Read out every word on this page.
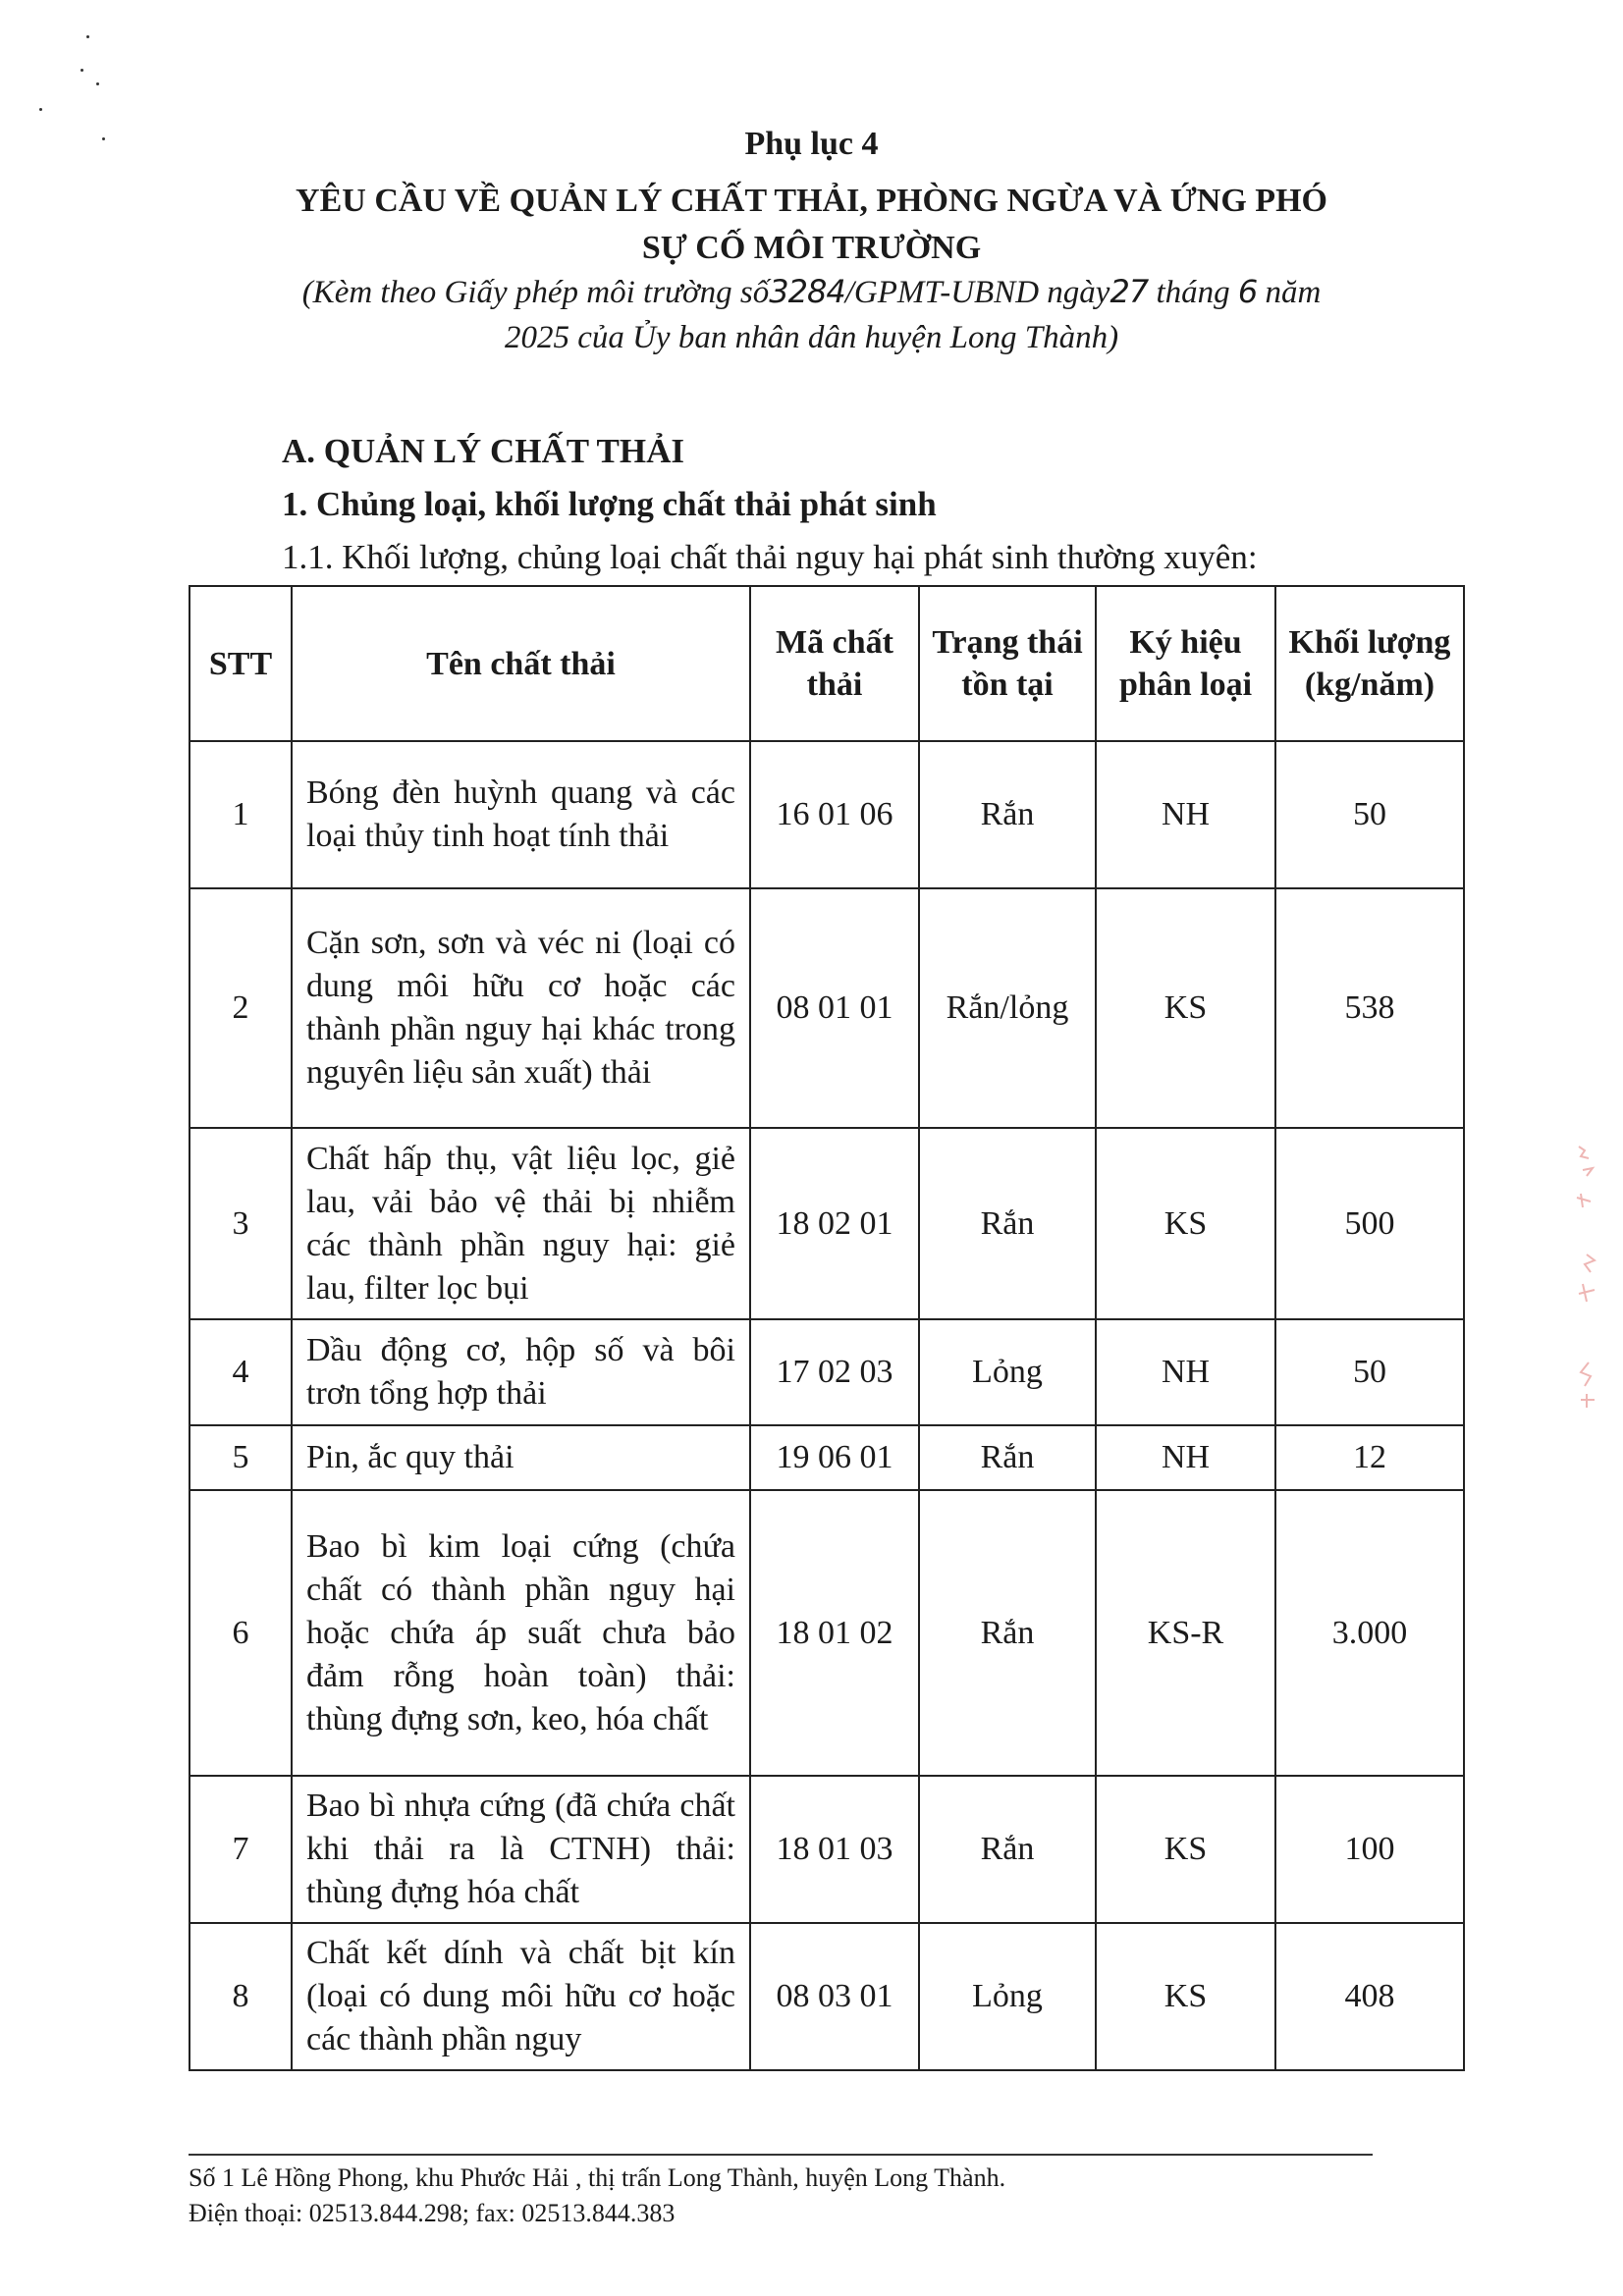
Phụ lục 4
YÊU CẦU VỀ QUẢN LÝ CHẤT THẢI, PHÒNG NGỪA VÀ ỨNG PHÓ
SỰ CỐ MÔI TRƯỜNG
(Kèm theo Giấy phép môi trường số3284/GPMT-UBND ngày27 tháng 6 năm
2025 của Ủy ban nhân dân huyện Long Thành)
A. QUẢN LÝ CHẤT THẢI
1. Chủng loại, khối lượng chất thải phát sinh
1.1. Khối lượng, chủng loại chất thải nguy hại phát sinh thường xuyên:
STT	Tên chất thải	Mã chất thải	Trạng thái tồn tại	Ký hiệu phân loại	Khối lượng (kg/năm)
1	Bóng đèn huỳnh quang và các loại thủy tinh hoạt tính thải	16 01 06	Rắn	NH	50
2	Cặn sơn, sơn và véc ni (loại có dung môi hữu cơ hoặc các thành phần nguy hại khác trong nguyên liệu sản xuất) thải	08 01 01	Rắn/lỏng	KS	538
3	Chất hấp thụ, vật liệu lọc, giẻ lau, vải bảo vệ thải bị nhiễm các thành phần nguy hại: giẻ lau, filter lọc bụi	18 02 01	Rắn	KS	500
4	Dầu động cơ, hộp số và bôi trơn tổng hợp thải	17 02 03	Lỏng	NH	50
5	Pin, ắc quy thải	19 06 01	Rắn	NH	12
6	Bao bì kim loại cứng (chứa chất có thành phần nguy hại hoặc chứa áp suất chưa bảo đảm rỗng hoàn toàn) thải: thùng đựng sơn, keo, hóa chất	18 01 02	Rắn	KS-R	3.000
7	Bao bì nhựa cứng (đã chứa chất khi thải ra là CTNH) thải: thùng đựng hóa chất	18 01 03	Rắn	KS	100
8	Chất kết dính và chất bịt kín (loại có dung môi hữu cơ hoặc các thành phần nguy	08 03 01	Lỏng	KS	408
Số 1 Lê Hồng Phong, khu Phước Hải , thị trấn Long Thành, huyện Long Thành.
Điện thoại: 02513.844.298; fax: 02513.844.383
